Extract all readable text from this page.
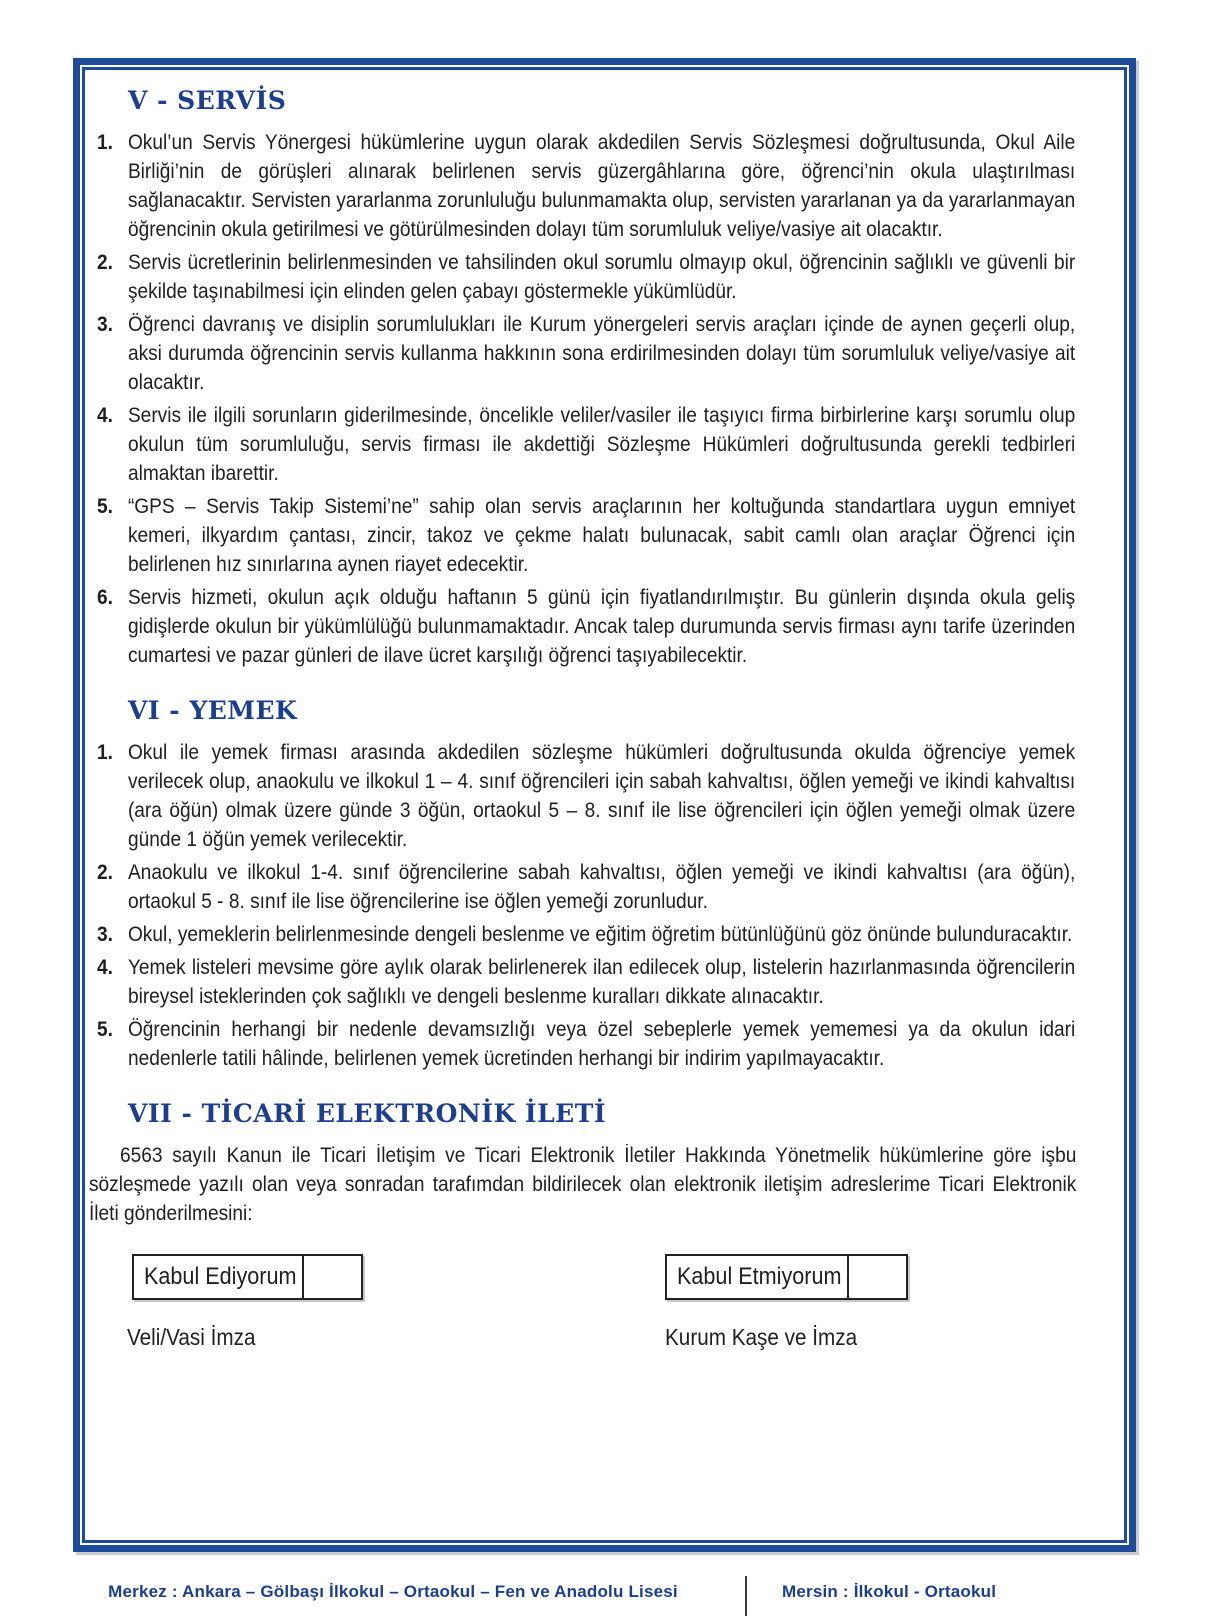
V - SERVİS
1. Okul’un Servis Yönergesi hükümlerine uygun olarak akdedilen Servis Sözleşmesi doğrultusunda, Okul Aile Birliği’nin de görüşleri alınarak belirlenen servis güzergâhlarına göre, öğrenci’nin okula ulaştırılması sağlanacaktır. Servisten yararlanma zorunluluğu bulunmamakta olup, servisten yararlanan ya da yararlanmayan öğrencinin okula getirilmesi ve götürülmesinden dolayı tüm sorumluluk veliye/vasiye ait olacaktır.
2. Servis ücretlerinin belirlenmesinden ve tahsilinden okul sorumlu olmayıp okul, öğrencinin sağlıklı ve güvenli bir şekilde taşınabilmesi için elinden gelen çabayı göstermekle yükümlüdür.
3. Öğrenci davranış ve disiplin sorumlulukları ile Kurum yönergeleri servis araçları içinde de aynen geçerli olup, aksi durumda öğrencinin servis kullanma hakkının sona erdirilmesinden dolayı tüm sorumluluk veliye/vasiye ait olacaktır.
4. Servis ile ilgili sorunların giderilmesinde, öncelikle veliler/vasiler ile taşıyıcı firma birbirlerine karşı sorumlu olup okulun tüm sorumluluğu, servis firması ile akdettiği Sözleşme Hükümleri doğrultusunda gerekli tedbirleri almaktan ibarettir.
5. “GPS – Servis Takip Sistemi’ne” sahip olan servis araçlarının her koltuğunda standartlara uygun emniyet kemeri, ilkyardım çantası, zincir, takoz ve çekme halatı bulunacak, sabit camlı olan araçlar Öğrenci için belirlenen hız sınırlarına aynen riayet edecektir.
6. Servis hizmeti, okulun açık olduğu haftanın 5 günü için fiyatlandırılmıştır. Bu günlerin dışında okula geliş gidişlerde okulun bir yükümlülüğü bulunmamaktadır. Ancak talep durumunda servis firması aynı tarife üzerinden cumartesi ve pazar günleri de ilave ücret karşılığı öğrenci taşıyabilecektir.
VI - YEMEK
1. Okul ile yemek firması arasında akdedilen sözleşme hükümleri doğrultusunda okulda öğrenciye yemek verilecek olup, anaokulu ve ilkokul 1 – 4. sınıf öğrencileri için sabah kahvaltısı, öğlen yemeği ve ikindi kahvaltısı (ara öğün) olmak üzere günde 3 öğün, ortaokul 5 – 8. sınıf ile lise öğrencileri için öğlen yemeği olmak üzere günde 1 öğün yemek verilecektir.
2. Anaokulu ve ilkokul 1-4. sınıf öğrencilerine sabah kahvaltısı, öğlen yemeği ve ikindi kahvaltısı (ara öğün), ortaokul 5 - 8. sınıf ile lise öğrencilerine ise öğlen yemeği zorunludur.
3. Okul, yemeklerin belirlenmesinde dengeli beslenme ve eğitim öğretim bütünlüğünü göz önünde bulunduracaktır.
4. Yemek listeleri mevsime göre aylık olarak belirlenerek ilan edilecek olup, listelerin hazırlanmasında öğrencilerin bireysel isteklerinden çok sağlıklı ve dengeli beslenme kuralları dikkate alınacaktır.
5. Öğrencinin herhangi bir nedenle devamsızlığı veya özel sebeplerle yemek yememesi ya da okulun idari nedenlerle tatili hâlinde, belirlenen yemek ücretinden herhangi bir indirim yapılmayacaktır.
VII - TİCARİ ELEKTRONİK İLETİ
6563 sayılı Kanun ile Ticari İletişim ve Ticari Elektronik İletiler Hakkında Yönetmelik hükümlerine göre işbu sözleşmede yazılı olan veya sonradan tarafımdan bildirilecek olan elektronik iletişim adreslerime Ticari Elektronik İleti gönderilmesini:
Kabul Ediyorum	Kabul Etmiyorum
Veli/Vasi İmza	Kurum Kaşe ve İmza
Merkez : Ankara – Gölbaşı İlkokul – Ortaokul – Fen ve Anadolu Lisesi	Mersin : İlkokul - Ortaokul
